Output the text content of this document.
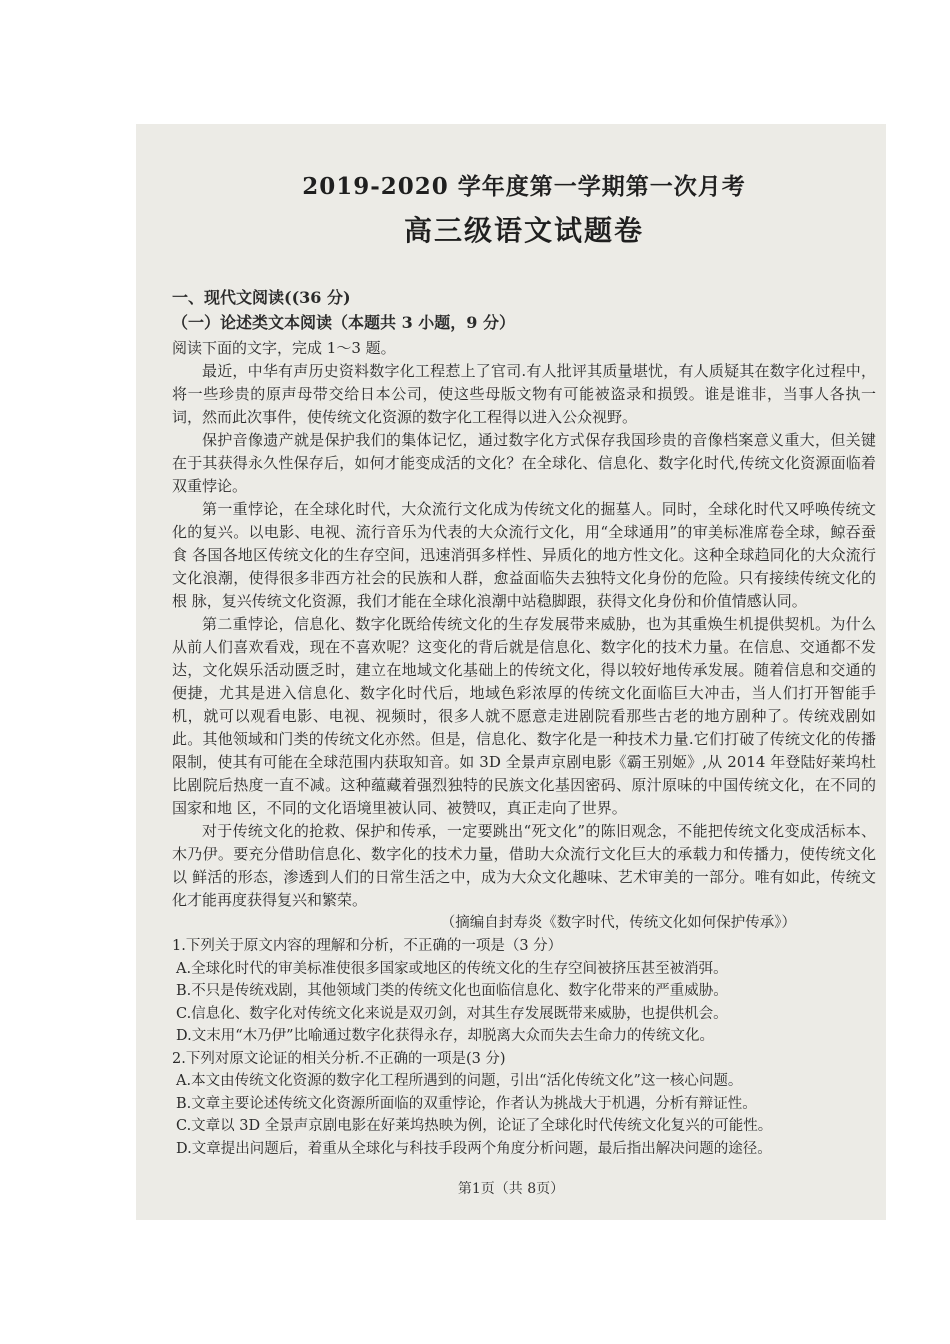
2019-2020 学年度第一学期第一次月考
高三级语文试题卷
一、现代文阅读((36 分)
（一）论述类文本阅读（本题共 3 小题，9 分）

阅读下面的文字，完成 1～3 题。

最近，中华有声历史资料数字化工程惹上了官司.有人批评其质量堪忧，有人质疑其在数字化过程中，将一些珍贵的原声母带交给日本公司，使这些母版文物有可能被盗录和损毁。谁是谁非，当事人各执一词，然而此次事件，使传统文化资源的数字化工程得以进入公众视野。

保护音像遗产就是保护我们的集体记忆，通过数字化方式保存我国珍贵的音像档案意义重大，但关键在于其获得永久性保存后，如何才能变成活的文化？在全球化、信息化、数字化时代,传统文化资源面临着双重悖论。

第一重悖论，在全球化时代，大众流行文化成为传统文化的掘墓人。同时，全球化时代又呼唤传统文化的复兴。以电影、电视、流行音乐为代表的大众流行文化，用“全球通用”的审美标准席卷全球，鲸吞蚕食 各国各地区传统文化的生存空间，迅速消弭多样性、异质化的地方性文化。这种全球趋同化的大众流行文化浪潮，使得很多非西方社会的民族和人群，愈益面临失去独特文化身份的危险。只有接续传统文化的根 脉，复兴传统文化资源，我们才能在全球化浪潮中站稳脚跟，获得文化身份和价值情感认同。

第二重悖论，信息化、数字化既给传统文化的生存发展带来威胁，也为其重焕生机提供契机。为什么从前人们喜欢看戏，现在不喜欢呢？这变化的背后就是信息化、数字化的技术力量。在信息、交通都不发 达，文化娱乐活动匮乏时，建立在地域文化基础上的传统文化，得以较好地传承发展。随着信息和交通的便捷，尤其是进入信息化、数字化时代后，地域色彩浓厚的传统文化面临巨大冲击，当人们打开智能手机，就可以观看电影、电视、视频时，很多人就不愿意走进剧院看那些古老的地方剧种了。传统戏剧如此。其他领域和门类的传统文化亦然。但是，信息化、数字化是一种技术力量.它们打破了传统文化的传播限制，使其有可能在全球范围内获取知音。如 3D 全景声京剧电影《霸王别姬》,从 2014 年登陆好莱坞杜比剧院后热度一直不减。这种蕴藏着强烈独特的民族文化基因密码、原汁原味的中国传统文化，在不同的国家和地 区，不同的文化语境里被认同、被赞叹，真正走向了世界。

对于传统文化的抢救、保护和传承，一定要跳出“死文化”的陈旧观念，不能把传统文化变成活标本、木乃伊。要充分借助信息化、数字化的技术力量，借助大众流行文化巨大的承载力和传播力，使传统文化以 鲜活的形态，渗透到人们的日常生活之中，成为大众文化趣味、艺术审美的一部分。唯有如此，传统文化才能再度获得复兴和繁荣。

（摘编自封寿炎《数字时代，传统文化如何保护传承》）

1.下列关于原文内容的理解和分析，不正确的一项是（3 分）

A.全球化时代的审美标准使很多国家或地区的传统文化的生存空间被挤压甚至被消弭。

B.不只是传统戏剧，其他领域门类的传统文化也面临信息化、数字化带来的严重威胁。

C.信息化、数字化对传统文化来说是双刃剑，对其生存发展既带来威胁，也提供机会。

D.文末用“木乃伊”比喻通过数字化获得永存，却脱离大众而失去生命力的传统文化。

2.下列对原文论证的相关分析.不正确的一项是(3 分)

A.本文由传统文化资源的数字化工程所遇到的问题，引出“活化传统文化”这一核心问题。

B.文章主要论述传统文化资源所面临的双重悖论，作者认为挑战大于机遇，分析有辩证性。

C.文章以 3D 全景声京剧电影在好莱坞热映为例，论证了全球化时代传统文化复兴的可能性。

D.文章提出问题后，着重从全球化与科技手段两个角度分析问题，最后指出解决问题的途径。

第1页（共 8页）
